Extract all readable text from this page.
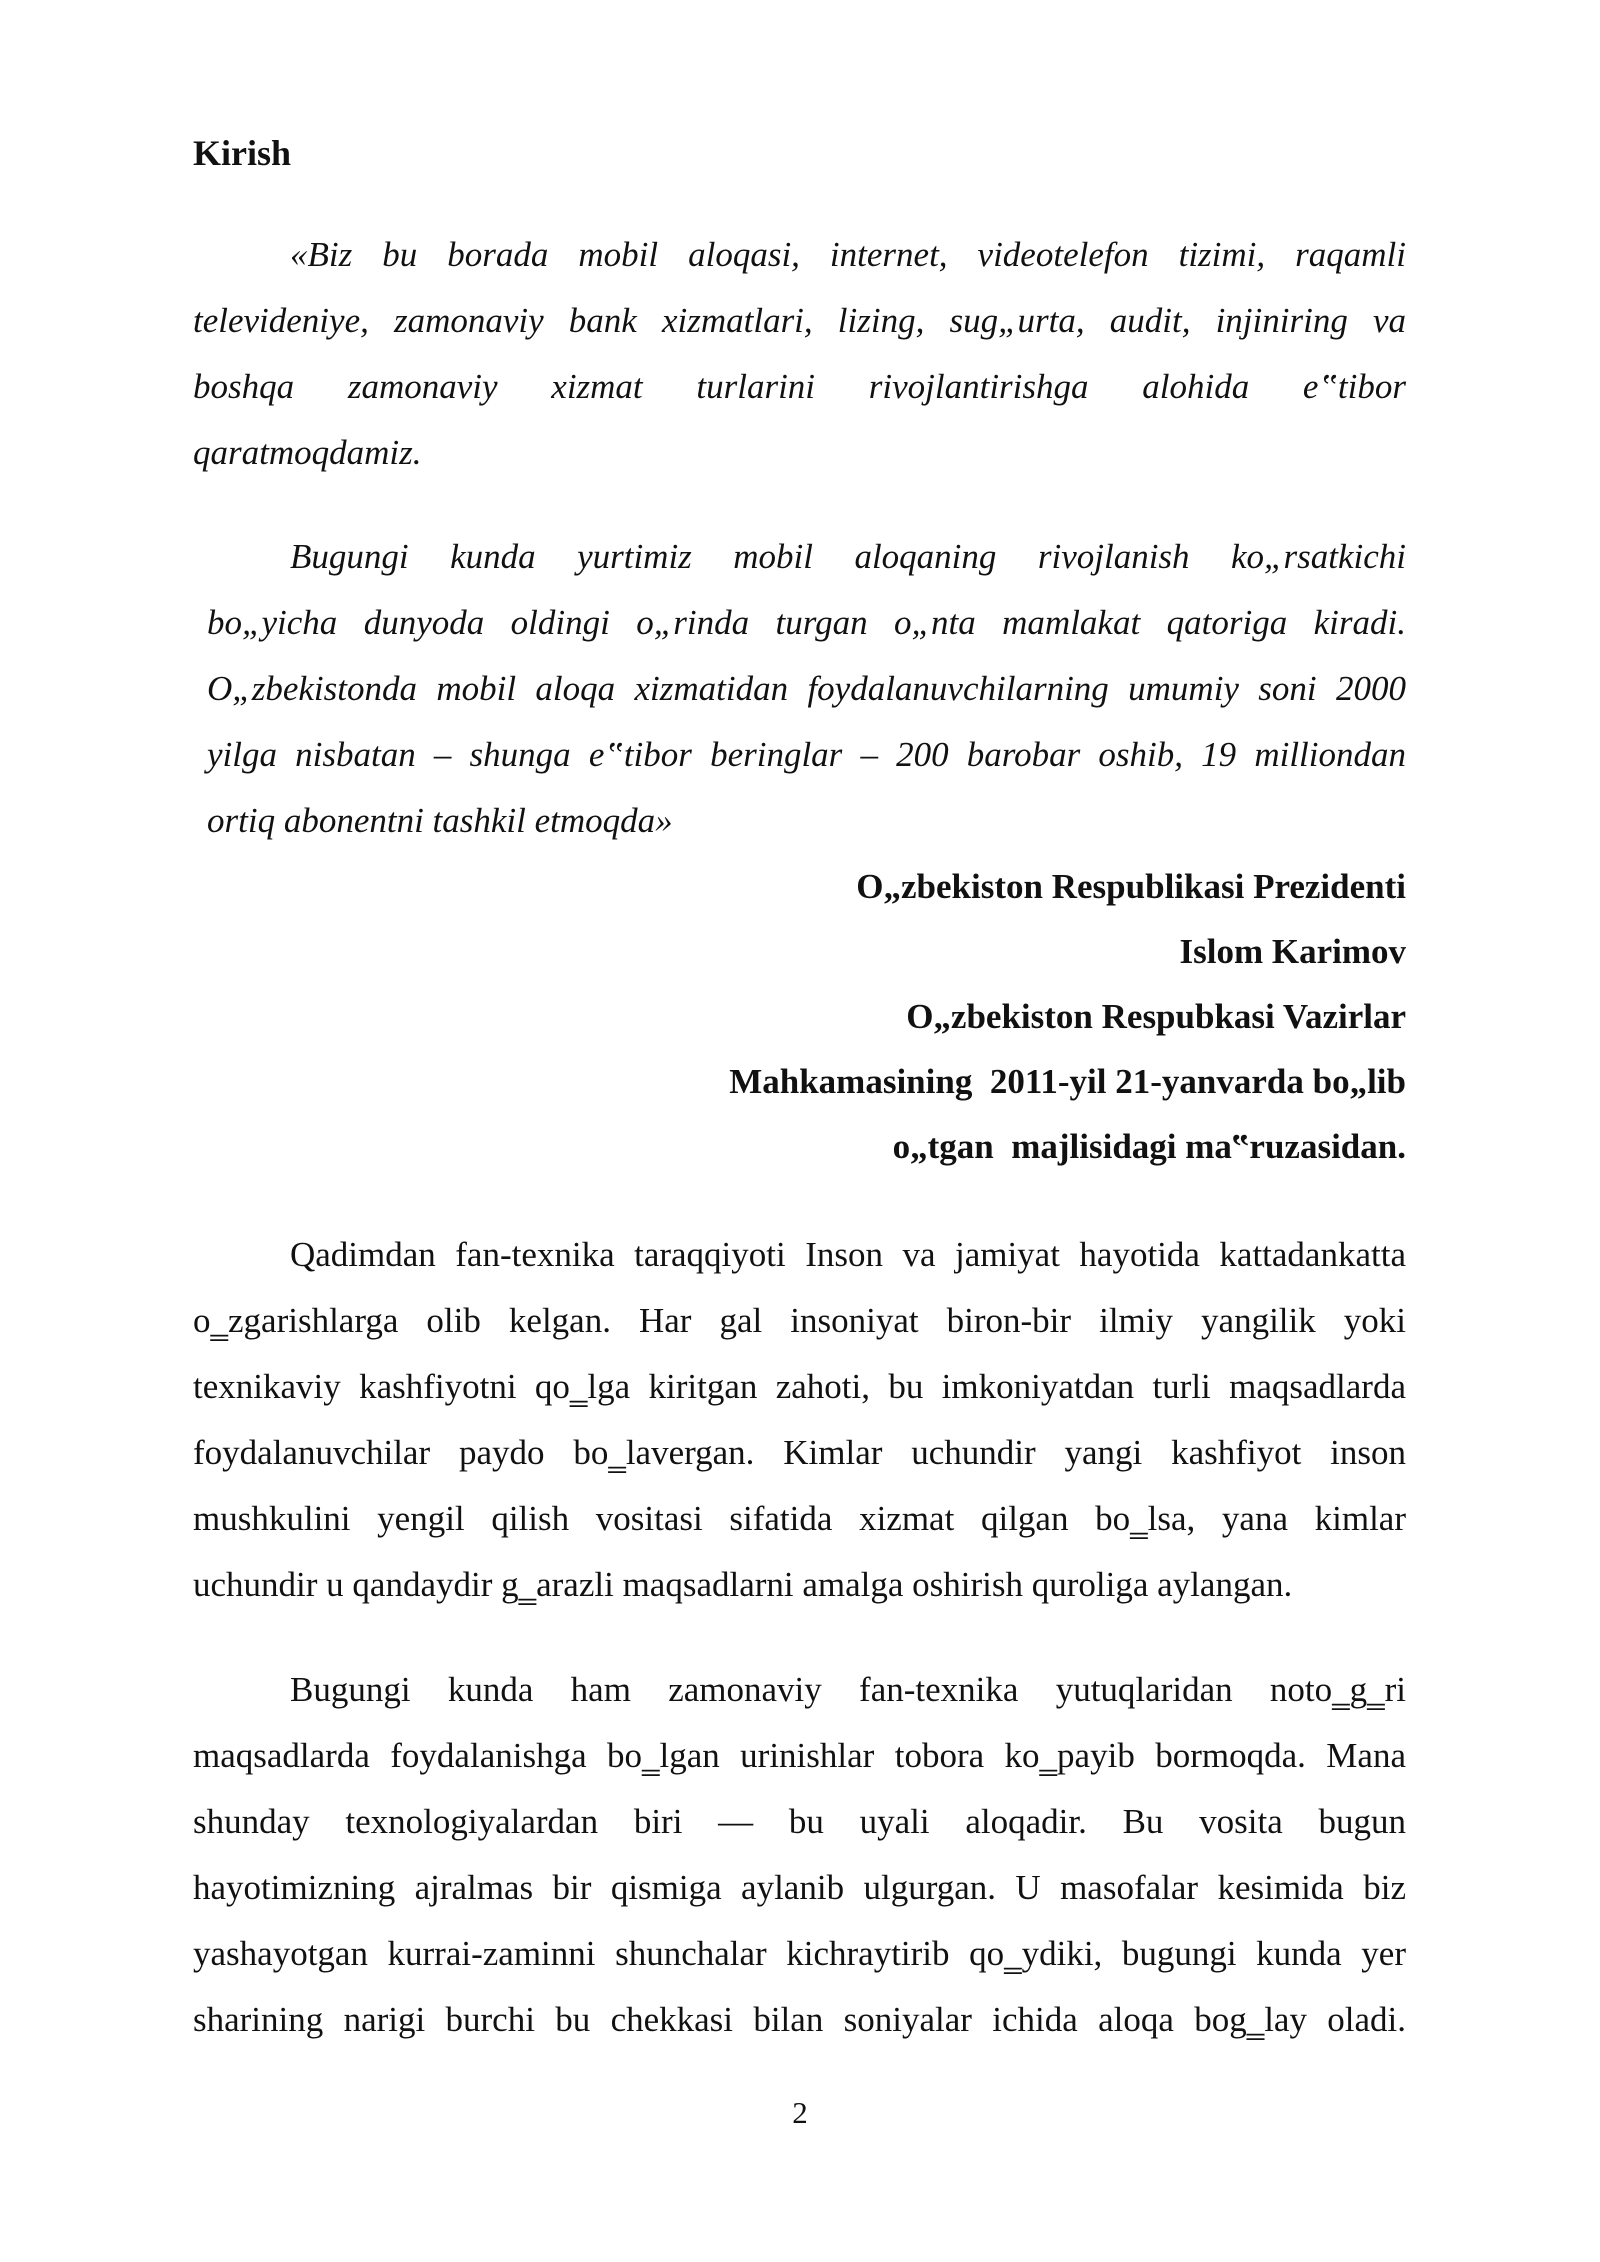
Kirish
«Biz bu borada mobil aloqasi, internet, videotelefon tizimi, raqamli
televideniye, zamonaviy bank xizmatlari, lizing, sug„urta, audit, injiniring va
boshqa zamonaviy xizmat turlarini rivojlantirishga alohida e‟tibor
qaratmoqdamiz.
Bugungi kunda yurtimiz mobil aloqaning rivojlanish ko„rsatkichi
bo„yicha dunyoda oldingi o„rinda turgan o„nta mamlakat qatoriga kiradi.
O„zbekistonda mobil aloqa xizmatidan foydalanuvchilarning umumiy soni 2000
yilga nisbatan – shunga e‟tibor beringlar – 200 barobar oshib, 19 milliondan
ortiq abonentni tashkil etmoqda»
O„zbekiston Respublikasi Prezidenti
Islom Karimov
O„zbekiston Respubkasi Vazirlar
Mahkamasining  2011-yil 21-yanvarda bo„lib
o„tgan  majlisidagi ma‟ruzasidan.
Qadimdan fan-texnika taraqqiyoti Inson va jamiyat hayotida kattadankatta
o‗zgarishlarga olib kelgan. Har gal insoniyat biron-bir ilmiy yangilik yoki
texnikaviy kashfiyotni qo‗lga kiritgan zahoti, bu imkoniyatdan turli maqsadlarda
foydalanuvchilar paydo bo‗lavergan. Kimlar uchundir yangi kashfiyot inson
mushkulini yengil qilish vositasi sifatida xizmat qilgan bo‗lsa, yana kimlar
uchundir u qandaydir g‗arazli maqsadlarni amalga oshirish quroliga aylangan.
Bugungi kunda ham zamonaviy fan-texnika yutuqlaridan noto‗g‗ri
maqsadlarda foydalanishga bo‗lgan urinishlar tobora ko‗payib bormoqda. Mana
shunday texnologiyalardan biri — bu uyali aloqadir. Bu vosita bugun
hayotimizning ajralmas bir qismiga aylanib ulgurgan. U masofalar kesimida biz
yashayotgan kurrai-zaminni shunchalar kichraytirib qo‗ydiki, bugungi kunda yer
sharining narigi burchi bu chekkasi bilan soniyalar ichida aloqa bog‗lay oladi.
2
